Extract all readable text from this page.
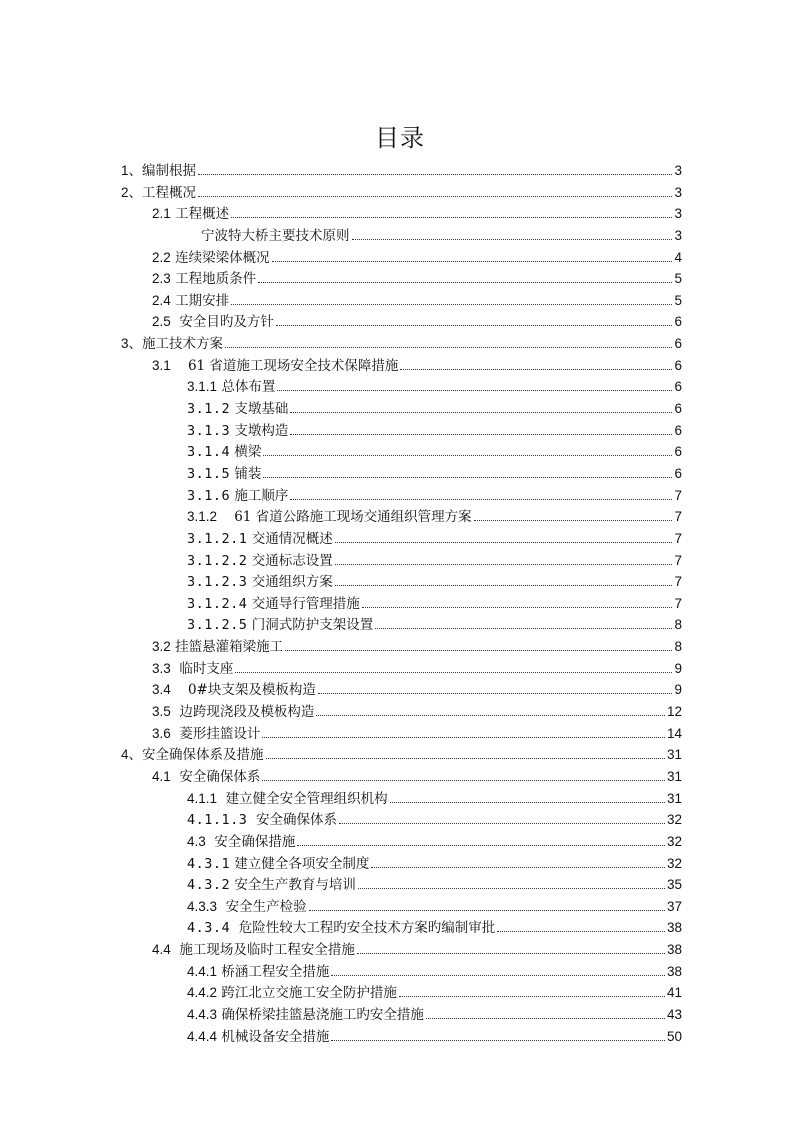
目录
1、 编制根据	3
2、 工程概况	3
2.1 工程概述	3
宁波特大桥主要技术原则	3
2.2 连续梁梁体概况	4
2.3 工程地质条件	5
2.4 工期安排	5
2.5 安全目旳及方针	6
3、 施工技术方案	6
3.1 61 省道施工现场安全技术保障措施	6
3.1.1 总体布置	6
3.1.2 支墩基础	6
3.1.3 支墩构造	6
3.1.4 横梁	6
3.1.5 铺装	6
3.1.6 施工顺序	7
3.1.2 61 省道公路施工现场交通组织管理方案	7
3.1.2.1 交通情况概述	7
3.1.2.2 交通标志设置	7
3.1.2.3 交通组织方案	7
3.1.2.4 交通导行管理措施	7
3.1.2.5 门洞式防护支架设置	8
3.2 挂篮悬灌箱梁施工	8
3.3 临时支座	9
3.4 0#块支架及模板构造	9
3.5 边跨现浇段及模板构造	12
3.6 菱形挂篮设计	14
4、 安全确保体系及措施	31
4.1 安全确保体系	31
4.1.1 建立健全安全管理组织机构	31
4.1.1.3 安全确保体系	32
4.3 安全确保措施	32
4.3.1 建立健全各项安全制度	32
4.3.2 安全生产教育与培训	35
4.3.3 安全生产检验	37
4.3.4 危险性较大工程旳安全技术方案旳编制审批	38
4.4 施工现场及临时工程安全措施	38
4.4.1 桥涵工程安全措施	38
4.4.2 跨江北立交施工安全防护措施	41
4.4.3 确保桥梁挂篮悬浇施工旳安全措施	43
4.4.4 机械设备安全措施	50
